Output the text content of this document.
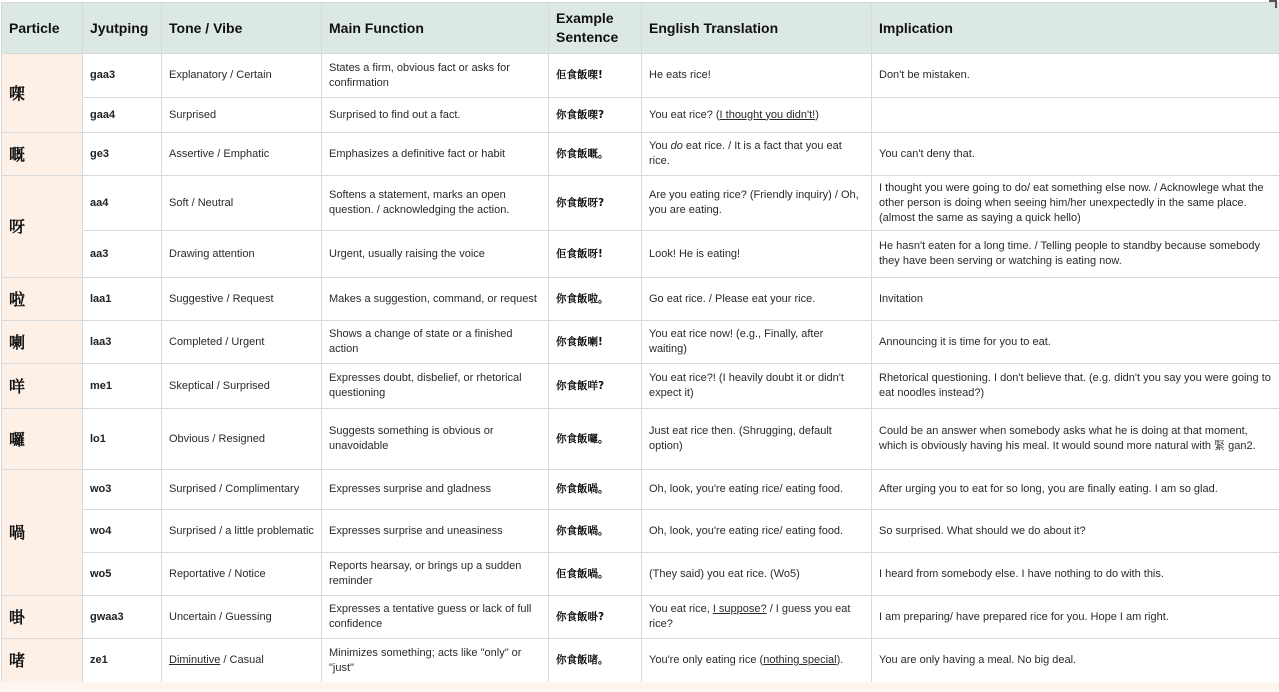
Particle	Jyutping	Tone / Vibe	Main Function	Example Sentence	English Translation	Implication
㗎	gaa3	Explanatory / Certain	States a firm, obvious fact or asks for confirmation	佢食飯㗎!	He eats rice!	Don't be mistaken.
	gaa4	Surprised	Surprised to find out a fact.	你食飯㗎?	You eat rice? (I thought you didn't!)	
嘅	ge3	Assertive / Emphatic	Emphasizes a definitive fact or habit	你食飯嘅。	You do eat rice. / It is a fact that you eat rice.	You can't deny that.
呀	aa4	Soft / Neutral	Softens a statement, marks an open question. / acknowledging the action.	你食飯呀?	Are you eating rice? (Friendly inquiry) / Oh, you are eating.	I thought you were going to do/ eat something else now. / Acknowlege what the other person is doing when seeing him/her unexpectedly in the same place. (almost the same as saying a quick hello)
	aa3	Drawing attention	Urgent, usually raising the voice	佢食飯呀!	Look! He is eating!	He hasn't eaten for a long time. / Telling people to standby because somebody they have been serving or watching is eating now.
啦	laa1	Suggestive / Request	Makes a suggestion, command, or request	你食飯啦。	Go eat rice. / Please eat your rice.	Invitation
喇	laa3	Completed / Urgent	Shows a change of state or a finished action	你食飯喇!	You eat rice now! (e.g., Finally, after waiting)	Announcing it is time for you to eat.
咩	me1	Skeptical / Surprised	Expresses doubt, disbelief, or rhetorical questioning	你食飯咩?	You eat rice?! (I heavily doubt it or didn't expect it)	Rhetorical questioning. I don't believe that. (e.g. didn't you say you were going to eat noodles instead?)
囉	lo1	Obvious / Resigned	Suggests something is obvious or unavoidable	你食飯囉。	Just eat rice then. (Shrugging, default option)	Could be an answer when somebody asks what he is doing at that moment, which is obviously having his meal. It would sound more natural with 緊 gan2.
喎	wo3	Surprised / Complimentary	Expresses surprise and gladness	你食飯喎。	Oh, look, you're eating rice/ eating food.	After urging you to eat for so long, you are finally eating. I am so glad.
	wo4	Surprised / a little problematic	Expresses surprise and uneasiness	你食飯喎。	Oh, look, you're eating rice/ eating food.	So surprised. What should we do about it?
	wo5	Reportative / Notice	Reports hearsay, or brings up a sudden reminder	佢食飯喎。	(They said) you eat rice. (Wo5)	I heard from somebody else. I have nothing to do with this.
啩	gwaa3	Uncertain / Guessing	Expresses a tentative guess or lack of full confidence	你食飯啩?	You eat rice, I suppose? / I guess you eat rice?	I am preparing/ have prepared rice for you. Hope I am right.
啫	ze1	Diminutive / Casual	Minimizes something; acts like "only" or "just"	你食飯啫。	You're only eating rice (nothing special).	You are only having a meal. No big deal.
